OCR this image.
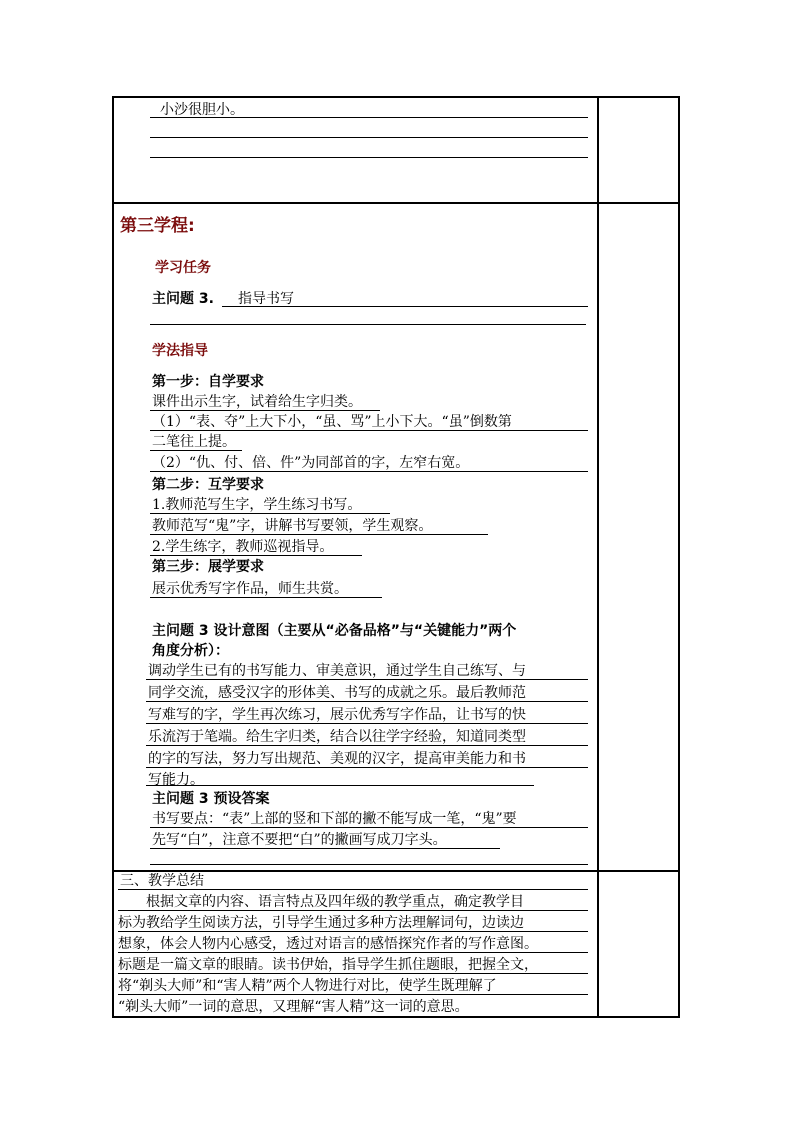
小沙很胆小。
第三学程:
学习任务
主问题 3. 指导书写
学法指导
第一步：自学要求
课件出示生字，试着给生字归类。
（1）“表、夺”上大下小，“虽、骂”上小下大。“虽”倒数第
二笔往上提。
（2）“仇、付、倍、件”为同部首的字，左窄右宽。
第二步：互学要求
1.教师范写生字，学生练习书写。
教师范写“鬼”字，讲解书写要领，学生观察。
2.学生练字，教师巡视指导。
第三步：展学要求
展示优秀写字作品，师生共赏。
主问题 3 设计意图（主要从“必备品格”与“关键能力”两个
角度分析）：
调动学生已有的书写能力、审美意识，通过学生自己练写、与
同学交流，感受汉字的形体美、书写的成就之乐。最后教师范
写难写的字，学生再次练习，展示优秀写字作品，让书写的快
乐流泻于笔端。给生字归类，结合以往学字经验，知道同类型
的字的写法，努力写出规范、美观的汉字，提高审美能力和书
写能力。
主问题 3 预设答案
书写要点：“表”上部的竖和下部的撇不能写成一笔，“鬼”要
先写“白”，注意不要把“白”的撇画写成刀字头。
三、教学总结
根据文章的内容、语言特点及四年级的教学重点，确定教学目
标为教给学生阅读方法，引导学生通过多种方法理解词句，边读边
想象，体会人物内心感受，透过对语言的感悟探究作者的写作意图。
标题是一篇文章的眼睛。读书伊始，指导学生抓住题眼，把握全文，
将“剃头大师”和“害人精”两个人物进行对比，使学生既理解了
“剃头大师”一词的意思，又理解“害人精”这一词的意思。
